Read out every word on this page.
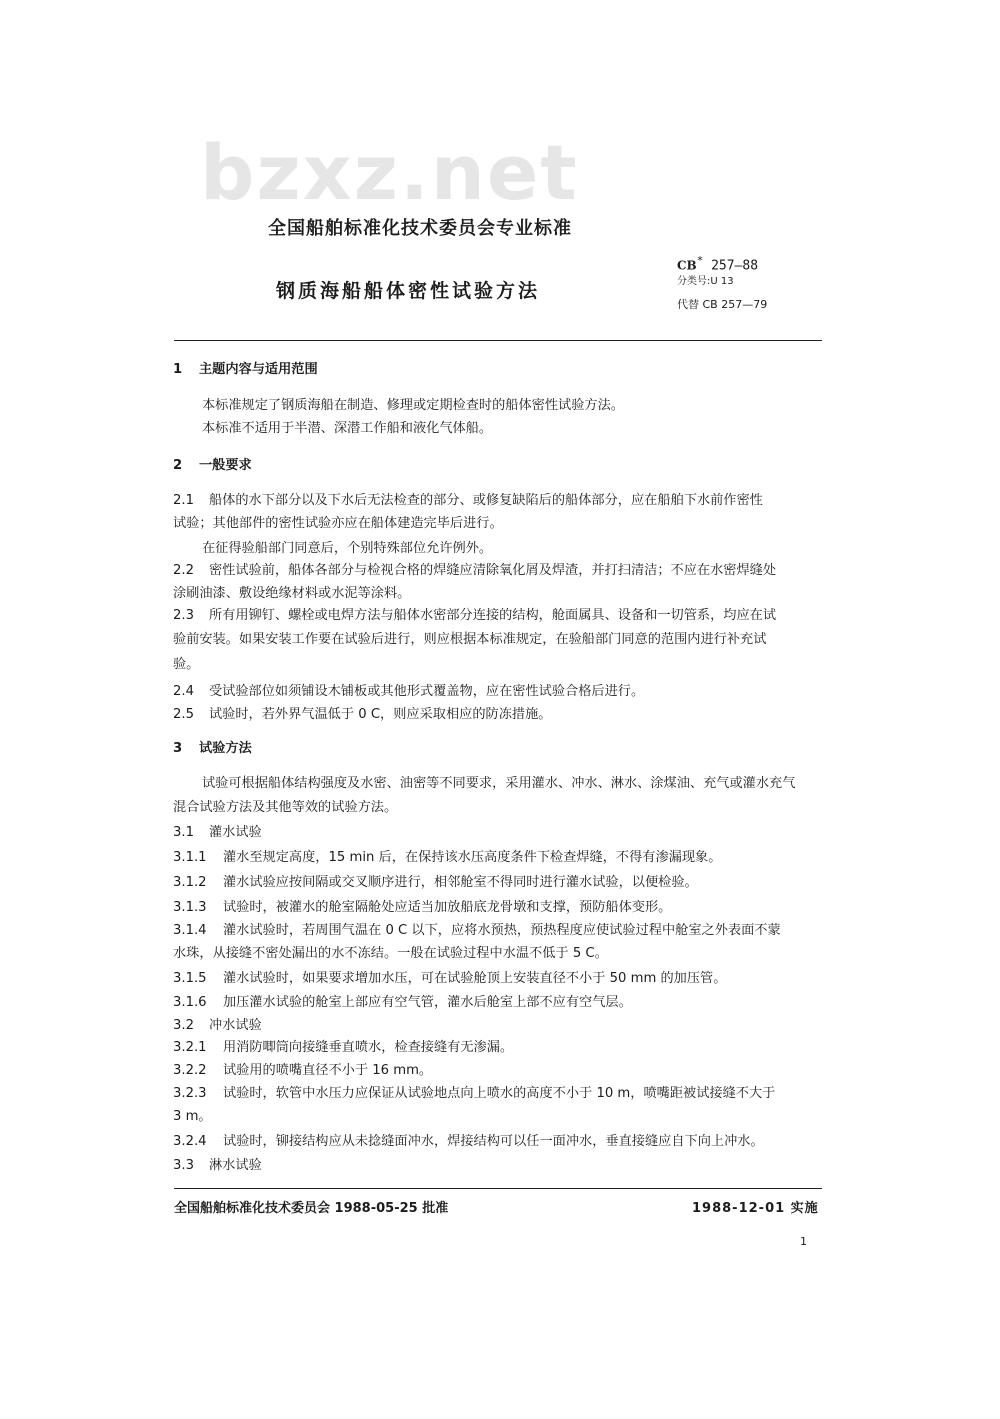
bzxz.net
全国船舶标准化技术委员会专业标准
钢质海船船体密性试验方法
CB* 257—88
分类号:U 13
代替 CB 257—79
1 主题内容与适用范围
本标准规定了钢质海船在制造、修理或定期检查时的船体密性试验方法。
本标准不适用于半潜、深潜工作船和液化气体船。
2 一般要求
2.1 船体的水下部分以及下水后无法检查的部分、或修复缺陷后的船体部分，应在船舶下水前作密性
试验；其他部件的密性试验亦应在船体建造完毕后进行。
在征得验船部门同意后，个别特殊部位允许例外。
2.2 密性试验前，船体各部分与检视合格的焊缝应清除氧化屑及焊渣，并打扫清洁；不应在水密焊缝处
涂刷油漆、敷设绝缘材料或水泥等涂料。
2.3 所有用铆钉、螺栓或电焊方法与船体水密部分连接的结构，舱面属具、设备和一切管系，均应在试
验前安装。如果安装工作要在试验后进行，则应根据本标准规定，在验船部门同意的范围内进行补充试
验。
2.4 受试验部位如须铺设木铺板或其他形式覆盖物，应在密性试验合格后进行。
2.5 试验时，若外界气温低于 0 C，则应采取相应的防冻措施。
3 试验方法
试验可根据船体结构强度及水密、油密等不同要求，采用灌水、冲水、淋水、涂煤油、充气或灌水充气
混合试验方法及其他等效的试验方法。
3.1 灌水试验
3.1.1 灌水至规定高度，15 min 后，在保持该水压高度条件下检查焊缝，不得有渗漏现象。
3.1.2 灌水试验应按间隔或交叉顺序进行，相邻舱室不得同时进行灌水试验，以便检验。
3.1.3 试验时，被灌水的舱室隔舱处应适当加放船底龙骨墩和支撑，预防船体变形。
3.1.4 灌水试验时，若周围气温在 0 C 以下，应将水预热，预热程度应使试验过程中舱室之外表面不蒙
水珠，从接缝不密处漏出的水不冻结。一般在试验过程中水温不低于 5 C。
3.1.5 灌水试验时，如果要求增加水压，可在试验舱顶上安装直径不小于 50 mm 的加压管。
3.1.6 加压灌水试验的舱室上部应有空气管，灌水后舱室上部不应有空气层。
3.2 冲水试验
3.2.1 用消防唧筒向接缝垂直喷水，检查接缝有无渗漏。
3.2.2 试验用的喷嘴直径不小于 16 mm。
3.2.3 试验时，软管中水压力应保证从试验地点向上喷水的高度不小于 10 m，喷嘴距被试接缝不大于
3 m。
3.2.4 试验时，铆接结构应从未捻缝面冲水，焊接结构可以任一面冲水，垂直接缝应自下向上冲水。
3.3 淋水试验
全国船舶标准化技术委员会 1988-05-25 批准	1988-12-01 实施
1
